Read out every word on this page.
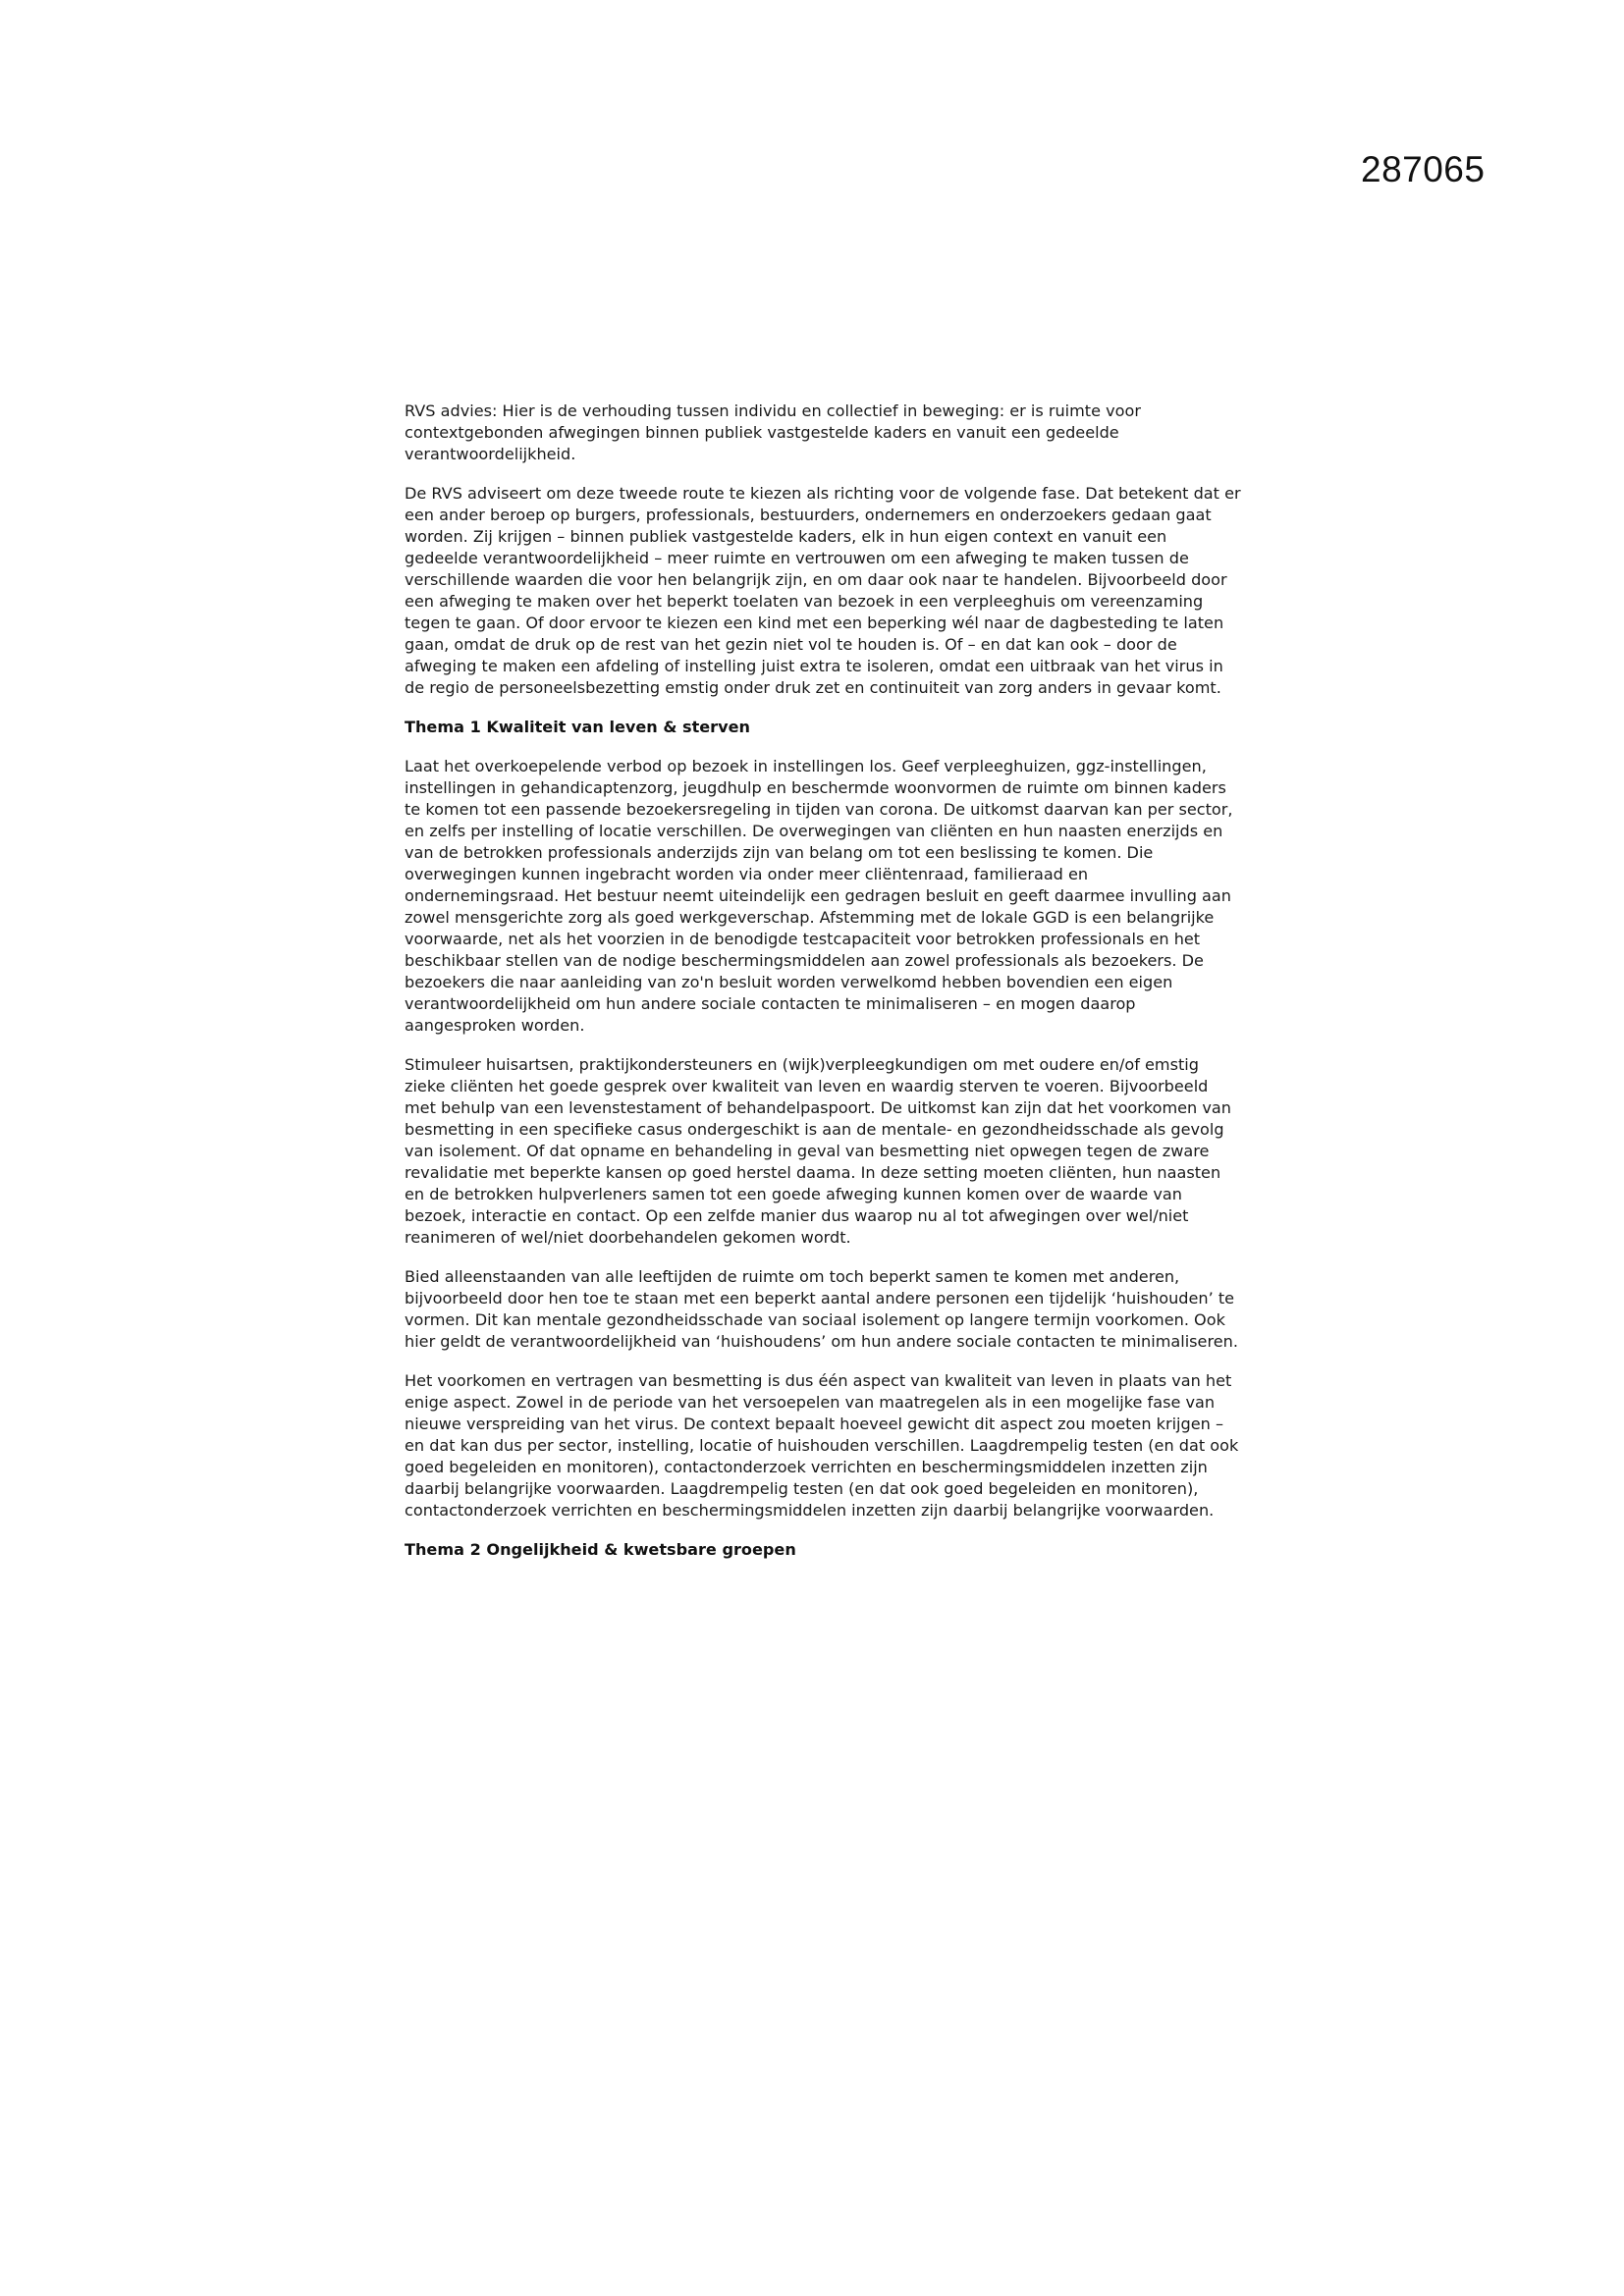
287065

RVS advies: Hier is de verhouding tussen individu en collectief in beweging: er is ruimte voor contextgebonden afwegingen binnen publiek vastgestelde kaders en vanuit een gedeelde verantwoordelijkheid.

De RVS adviseert om deze tweede route te kiezen als richting voor de volgende fase. Dat betekent dat er een ander beroep op burgers, professionals, bestuurders, ondernemers en onderzoekers gedaan gaat worden. Zij krijgen – binnen publiek vastgestelde kaders, elk in hun eigen context en vanuit een gedeelde verantwoordelijkheid – meer ruimte en vertrouwen om een afweging te maken tussen de verschillende waarden die voor hen belangrijk zijn, en om daar ook naar te handelen. Bijvoorbeeld door een afweging te maken over het beperkt toelaten van bezoek in een verpleeghuis om vereenzaming tegen te gaan. Of door ervoor te kiezen een kind met een beperking wél naar de dagbesteding te laten gaan, omdat de druk op de rest van het gezin niet vol te houden is. Of – en dat kan ook – door de afweging te maken een afdeling of instelling juist extra te isoleren, omdat een uitbraak van het virus in de regio de personeelsbezetting emstig onder druk zet en continuiteit van zorg anders in gevaar komt.

Thema 1 Kwaliteit van leven & sterven

Laat het overkoepelende verbod op bezoek in instellingen los. Geef verpleeghuizen, ggz-instellingen, instellingen in gehandicaptenzorg, jeugdhulp en beschermde woonvormen de ruimte om binnen kaders te komen tot een passende bezoekersregeling in tijden van corona. De uitkomst daarvan kan per sector, en zelfs per instelling of locatie verschillen. De overwegingen van cliënten en hun naasten enerzijds en van de betrokken professionals anderzijds zijn van belang om tot een beslissing te komen. Die overwegingen kunnen ingebracht worden via onder meer cliëntenraad, familieraad en ondernemingsraad. Het bestuur neemt uiteindelijk een gedragen besluit en geeft daarmee invulling aan zowel mensgerichte zorg als goed werkgeverschap. Afstemming met de lokale GGD is een belangrijke voorwaarde, net als het voorzien in de benodigde testcapaciteit voor betrokken professionals en het beschikbaar stellen van de nodige beschermingsmiddelen aan zowel professionals als bezoekers. De bezoekers die naar aanleiding van zo'n besluit worden verwelkomd hebben bovendien een eigen verantwoordelijkheid om hun andere sociale contacten te minimaliseren – en mogen daarop aangesproken worden.

Stimuleer huisartsen, praktijkondersteuners en (wijk)verpleegkundigen om met oudere en/of emstig zieke cliënten het goede gesprek over kwaliteit van leven en waardig sterven te voeren. Bijvoorbeeld met behulp van een levenstestament of behandelpaspoort. De uitkomst kan zijn dat het voorkomen van besmetting in een specifieke casus ondergeschikt is aan de mentale- en gezondheidsschade als gevolg van isolement. Of dat opname en behandeling in geval van besmetting niet opwegen tegen de zware revalidatie met beperkte kansen op goed herstel daama. In deze setting moeten cliënten, hun naasten en de betrokken hulpverleners samen tot een goede afweging kunnen komen over de waarde van bezoek, interactie en contact. Op een zelfde manier dus waarop nu al tot afwegingen over wel/niet reanimeren of wel/niet doorbehandelen gekomen wordt.

Bied alleenstaanden van alle leeftijden de ruimte om toch beperkt samen te komen met anderen, bijvoorbeeld door hen toe te staan met een beperkt aantal andere personen een tijdelijk ‘huishouden’ te vormen. Dit kan mentale gezondheidsschade van sociaal isolement op langere termijn voorkomen. Ook hier geldt de verantwoordelijkheid van ‘huishoudens’ om hun andere sociale contacten te minimaliseren.

Het voorkomen en vertragen van besmetting is dus één aspect van kwaliteit van leven in plaats van het enige aspect. Zowel in de periode van het versoepelen van maatregelen als in een mogelijke fase van nieuwe verspreiding van het virus. De context bepaalt hoeveel gewicht dit aspect zou moeten krijgen – en dat kan dus per sector, instelling, locatie of huishouden verschillen. Laagdrempelig testen (en dat ook goed begeleiden en monitoren), contactonderzoek verrichten en beschermingsmiddelen inzetten zijn daarbij belangrijke voorwaarden. Laagdrempelig testen (en dat ook goed begeleiden en monitoren), contactonderzoek verrichten en beschermingsmiddelen inzetten zijn daarbij belangrijke voorwaarden.

Thema 2 Ongelijkheid & kwetsbare groepen
